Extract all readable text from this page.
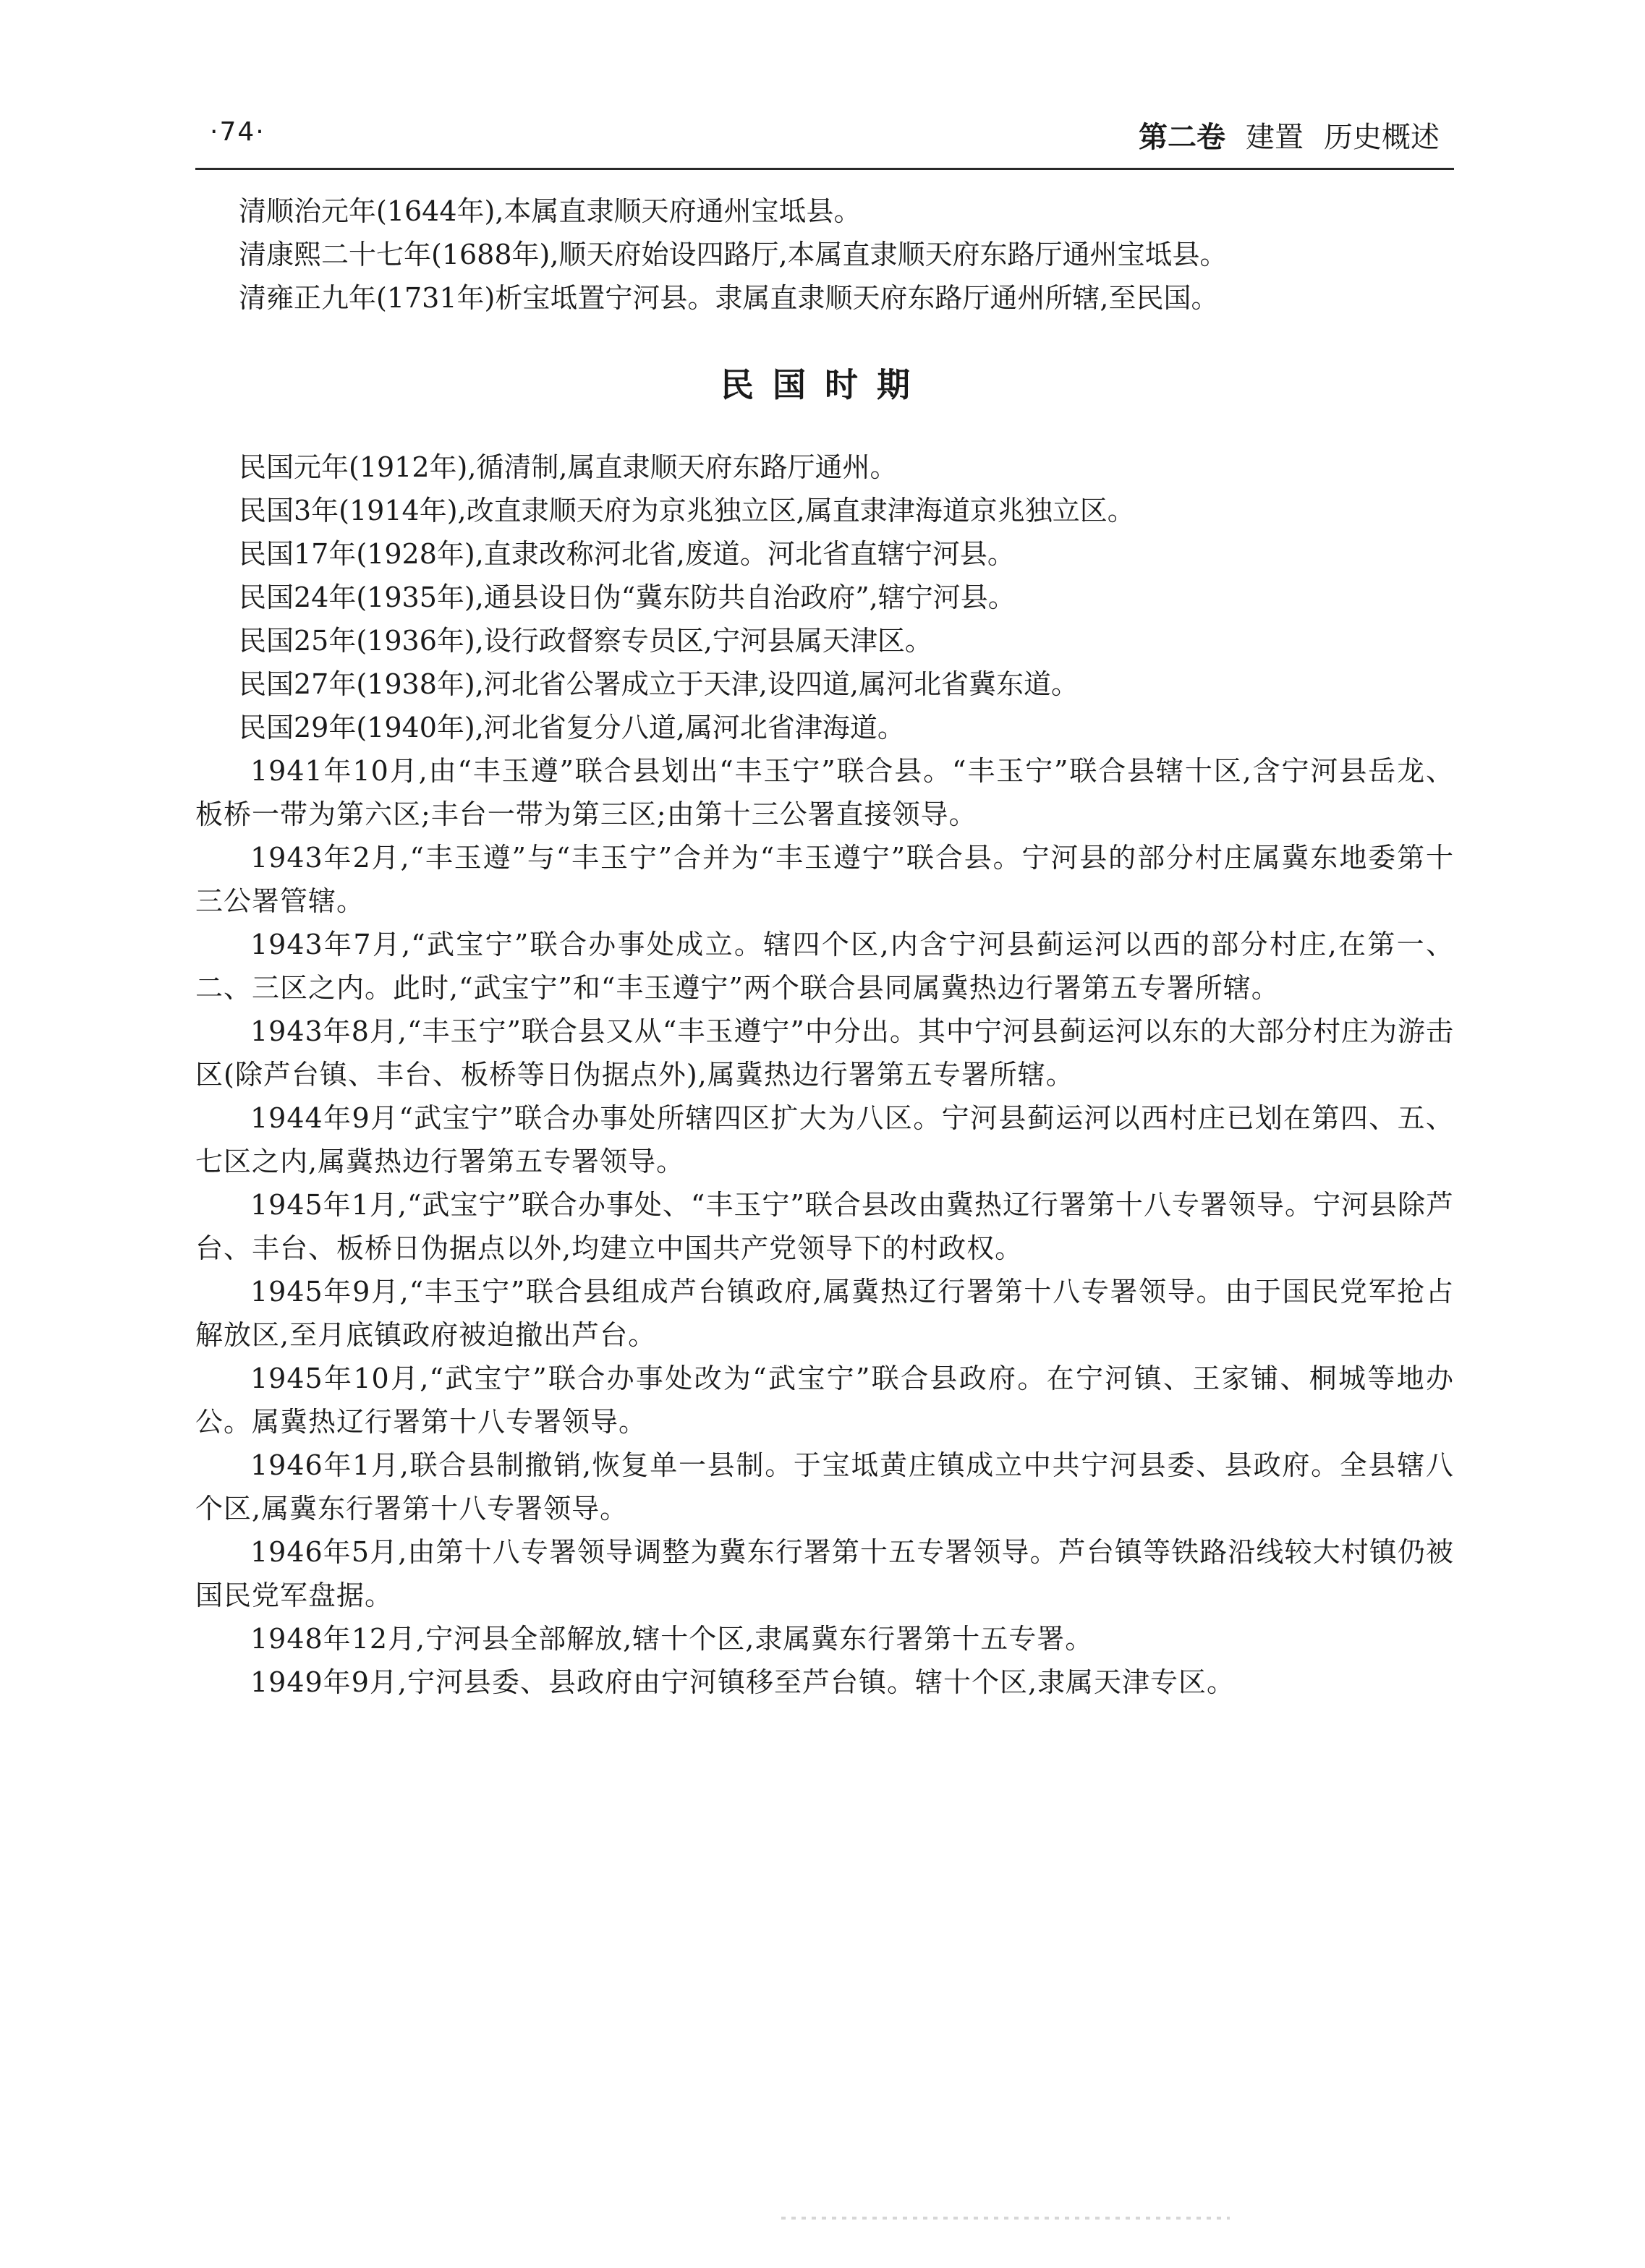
·74·	第二卷 建置 历史概述

清顺治元年(1644年),本属直隶顺天府通州宝坻县。

清康熙二十七年(1688年),顺天府始设四路厅,本属直隶顺天府东路厅通州宝坻县。

清雍正九年(1731年)析宝坻置宁河县。隶属直隶顺天府东路厅通州所辖,至民国。

民国时期

民国元年(1912年),循清制,属直隶顺天府东路厅通州。

民国3年(1914年),改直隶顺天府为京兆独立区,属直隶津海道京兆独立区。

民国17年(1928年),直隶改称河北省,废道。河北省直辖宁河县。

民国24年(1935年),通县设日伪“冀东防共自治政府”,辖宁河县。

民国25年(1936年),设行政督察专员区,宁河县属天津区。

民国27年(1938年),河北省公署成立于天津,设四道,属河北省冀东道。

民国29年(1940年),河北省复分八道,属河北省津海道。

1941年10月,由“丰玉遵”联合县划出“丰玉宁”联合县。“丰玉宁”联合县辖十区,含宁河县岳龙、板桥一带为第六区;丰台一带为第三区;由第十三公署直接领导。

1943年2月,“丰玉遵”与“丰玉宁”合并为“丰玉遵宁”联合县。宁河县的部分村庄属冀东地委第十三公署管辖。

1943年7月,“武宝宁”联合办事处成立。辖四个区,内含宁河县蓟运河以西的部分村庄,在第一、二、三区之内。此时,“武宝宁”和“丰玉遵宁”两个联合县同属冀热边行署第五专署所辖。

1943年8月,“丰玉宁”联合县又从“丰玉遵宁”中分出。其中宁河县蓟运河以东的大部分村庄为游击区(除芦台镇、丰台、板桥等日伪据点外),属冀热边行署第五专署所辖。

1944年9月“武宝宁”联合办事处所辖四区扩大为八区。宁河县蓟运河以西村庄已划在第四、五、七区之内,属冀热边行署第五专署领导。

1945年1月,“武宝宁”联合办事处、“丰玉宁”联合县改由冀热辽行署第十八专署领导。宁河县除芦台、丰台、板桥日伪据点以外,均建立中国共产党领导下的村政权。

1945年9月,“丰玉宁”联合县组成芦台镇政府,属冀热辽行署第十八专署领导。由于国民党军抢占解放区,至月底镇政府被迫撤出芦台。

1945年10月,“武宝宁”联合办事处改为“武宝宁”联合县政府。在宁河镇、王家铺、桐城等地办公。属冀热辽行署第十八专署领导。

1946年1月,联合县制撤销,恢复单一县制。于宝坻黄庄镇成立中共宁河县委、县政府。全县辖八个区,属冀东行署第十八专署领导。

1946年5月,由第十八专署领导调整为冀东行署第十五专署领导。芦台镇等铁路沿线较大村镇仍被国民党军盘据。

1948年12月,宁河县全部解放,辖十个区,隶属冀东行署第十五专署。

1949年9月,宁河县委、县政府由宁河镇移至芦台镇。辖十个区,隶属天津专区。
